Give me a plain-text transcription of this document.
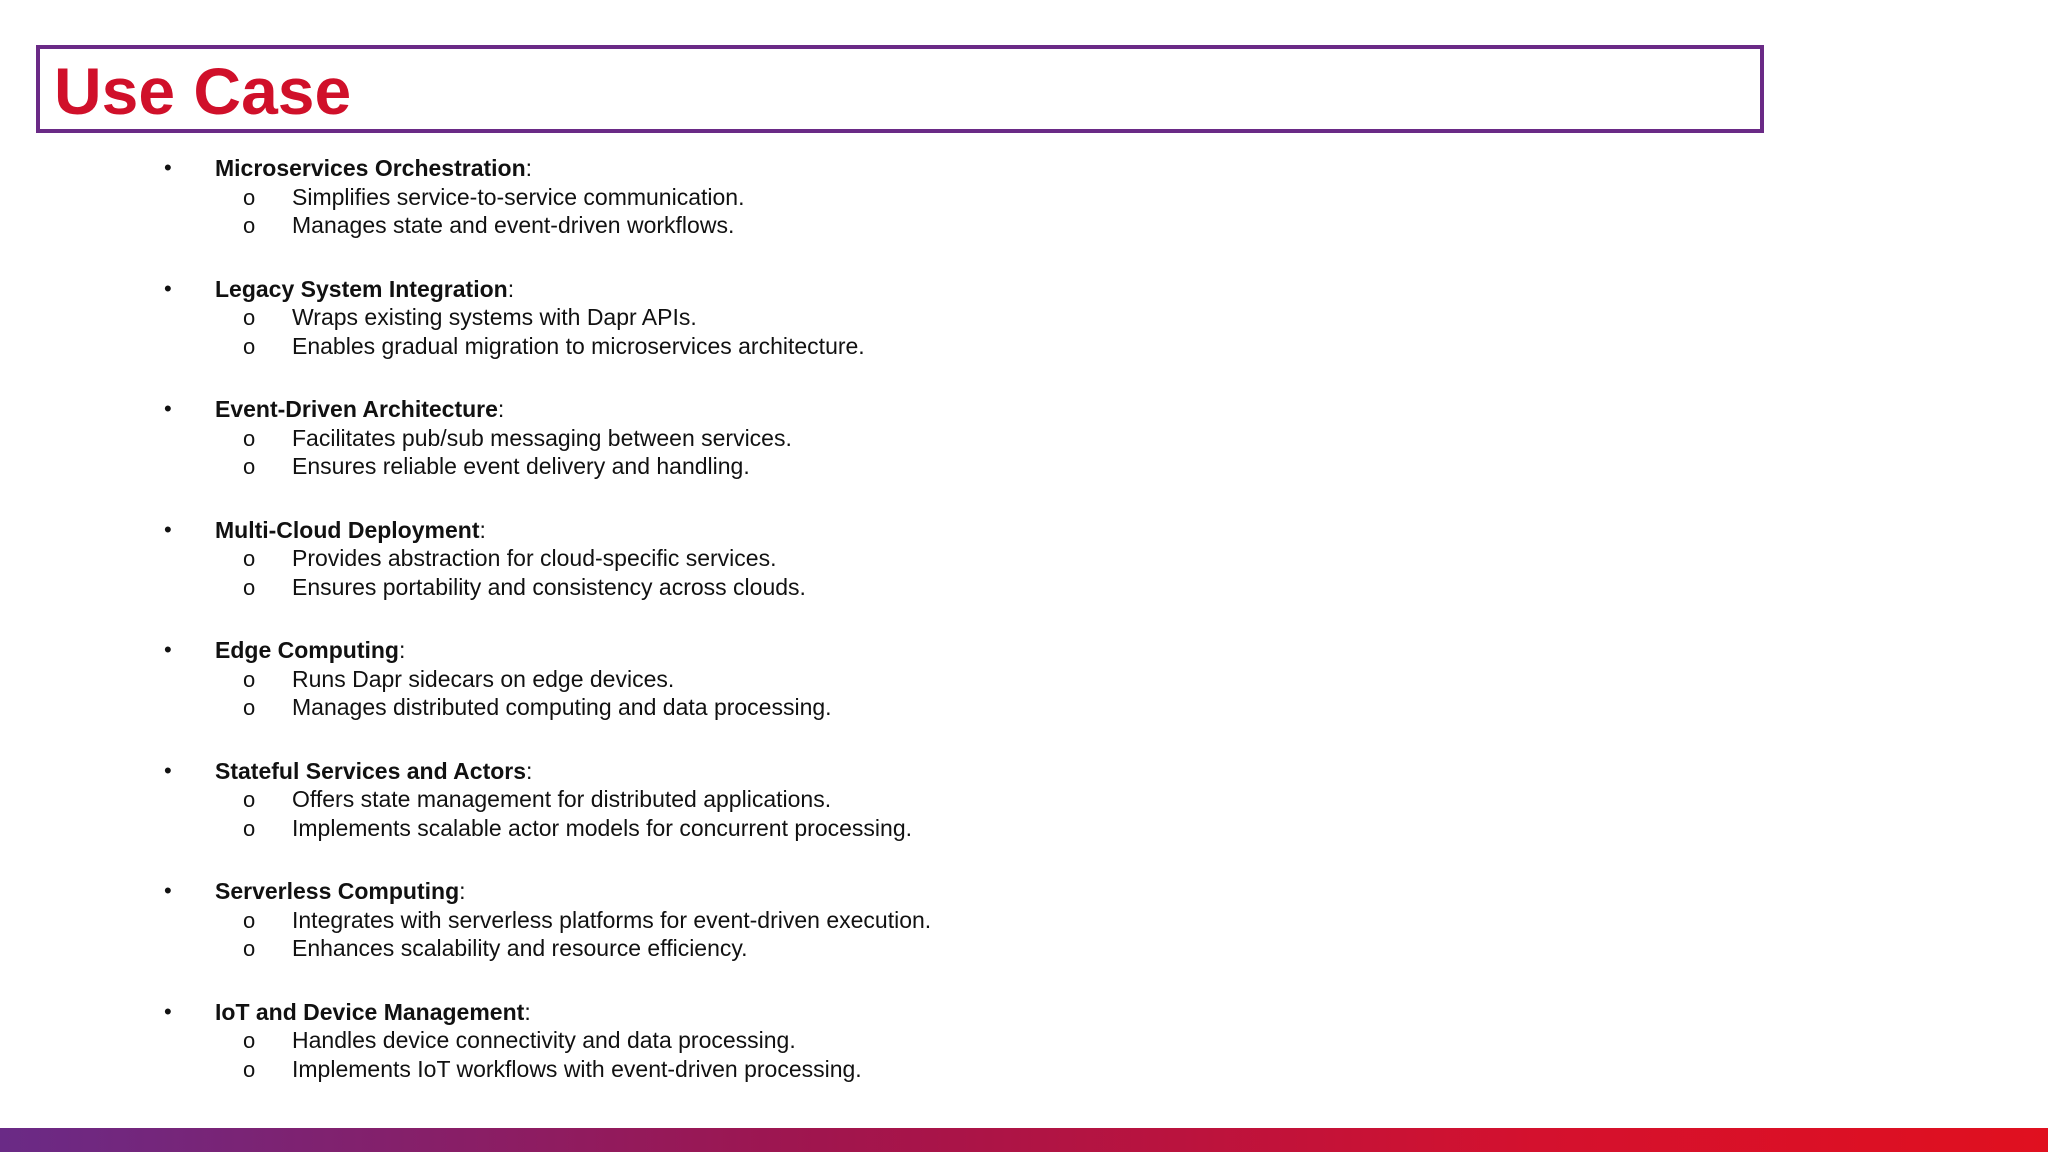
Use Case
• Microservices Orchestration:
o Simplifies service-to-service communication.
o Manages state and event-driven workflows.
• Legacy System Integration:
o Wraps existing systems with Dapr APIs.
o Enables gradual migration to microservices architecture.
• Event-Driven Architecture:
o Facilitates pub/sub messaging between services.
o Ensures reliable event delivery and handling.
• Multi-Cloud Deployment:
o Provides abstraction for cloud-specific services.
o Ensures portability and consistency across clouds.
• Edge Computing:
o Runs Dapr sidecars on edge devices.
o Manages distributed computing and data processing.
• Stateful Services and Actors:
o Offers state management for distributed applications.
o Implements scalable actor models for concurrent processing.
• Serverless Computing:
o Integrates with serverless platforms for event-driven execution.
o Enhances scalability and resource efficiency.
• IoT and Device Management:
o Handles device connectivity and data processing.
o Implements IoT workflows with event-driven processing.
